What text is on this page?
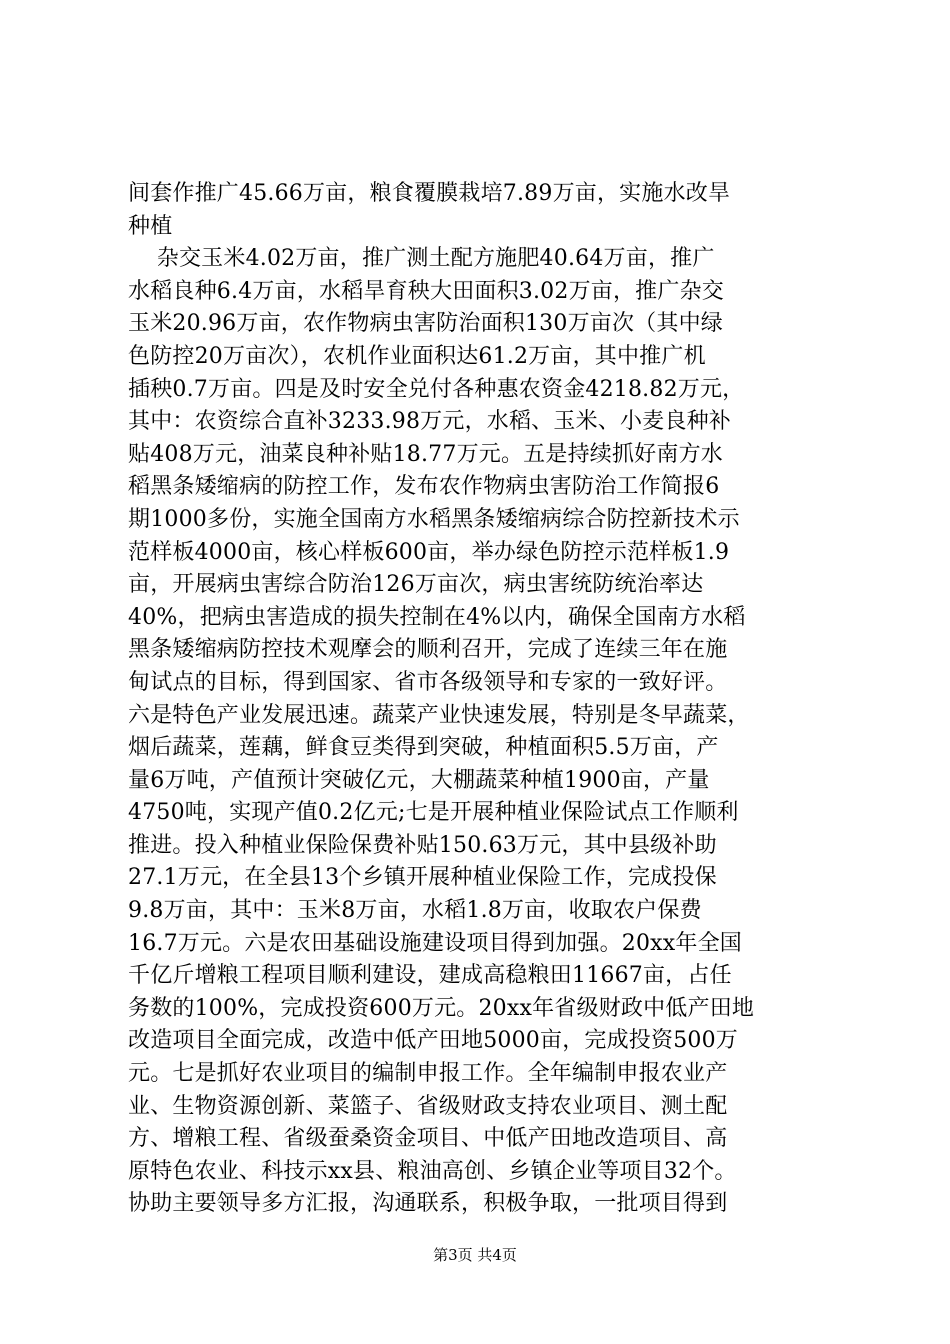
间套作推广45.66万亩，粮食覆膜栽培7.89万亩，实施水改旱
种植
杂交玉米4.02万亩，推广测土配方施肥40.64万亩，推广
水稻良种6.4万亩，水稻旱育秧大田面积3.02万亩，推广杂交
玉米20.96万亩，农作物病虫害防治面积130万亩次（其中绿
色防控20万亩次），农机作业面积达61.2万亩，其中推广机
插秧0.7万亩。四是及时安全兑付各种惠农资金4218.82万元，
其中：农资综合直补3233.98万元，水稻、玉米、小麦良种补
贴408万元，油菜良种补贴18.77万元。五是持续抓好南方水
稻黑条矮缩病的防控工作，发布农作物病虫害防治工作简报6
期1000多份，实施全国南方水稻黑条矮缩病综合防控新技术示
范样板4000亩，核心样板600亩，举办绿色防控示范样板1.9
亩，开展病虫害综合防治126万亩次，病虫害统防统治率达
40%，把病虫害造成的损失控制在4%以内，确保全国南方水稻
黑条矮缩病防控技术观摩会的顺利召开，完成了连续三年在施
甸试点的目标，得到国家、省市各级领导和专家的一致好评。
六是特色产业发展迅速。蔬菜产业快速发展，特别是冬早蔬菜，
烟后蔬菜，莲藕，鲜食豆类得到突破，种植面积5.5万亩，产
量6万吨，产值预计突破亿元，大棚蔬菜种植1900亩，产量
4750吨，实现产值0.2亿元;七是开展种植业保险试点工作顺利
推进。投入种植业保险保费补贴150.63万元，其中县级补助
27.1万元，在全县13个乡镇开展种植业保险工作，完成投保
9.8万亩，其中：玉米8万亩，水稻1.8万亩，收取农户保费
16.7万元。六是农田基础设施建设项目得到加强。20xx年全国
千亿斤增粮工程项目顺利建设，建成高稳粮田11667亩，占任
务数的100%，完成投资600万元。20xx年省级财政中低产田地
改造项目全面完成，改造中低产田地5000亩，完成投资500万
元。七是抓好农业项目的编制申报工作。全年编制申报农业产
业、生物资源创新、菜篮子、省级财政支持农业项目、测土配
方、增粮工程、省级蚕桑资金项目、中低产田地改造项目、高
原特色农业、科技示xx县、粮油高创、乡镇企业等项目32个。
协助主要领导多方汇报，沟通联系，积极争取，一批项目得到
第3页 共4页
